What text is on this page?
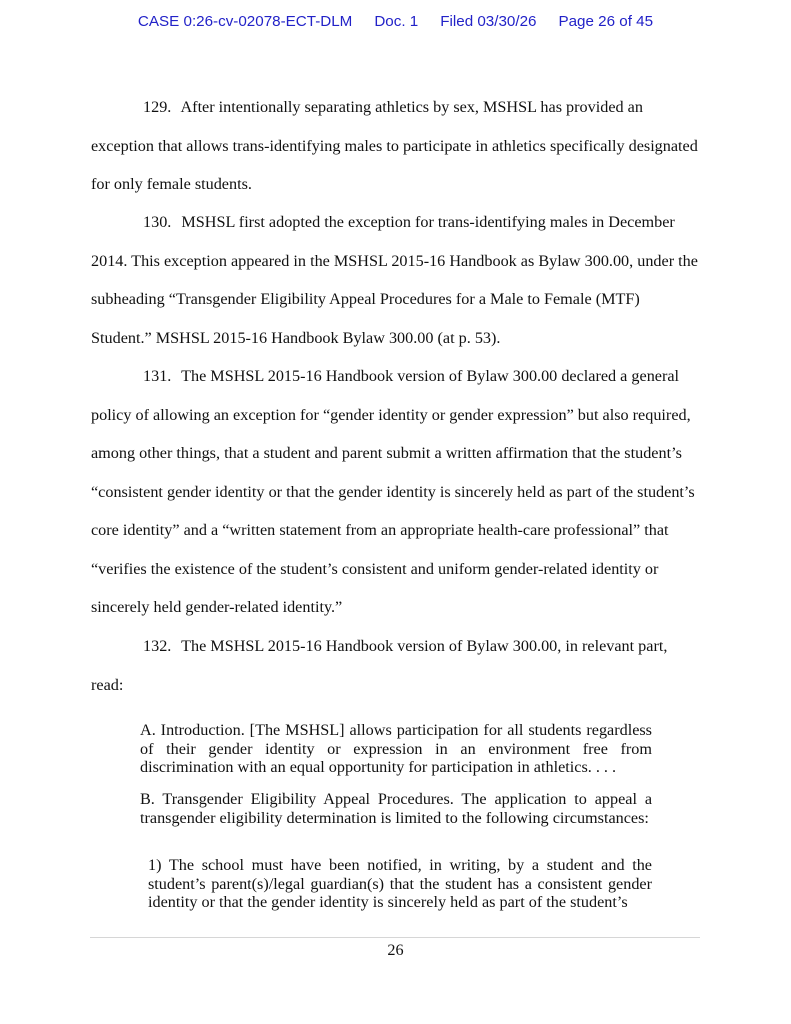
CASE 0:26-cv-02078-ECT-DLM Doc. 1 Filed 03/30/26 Page 26 of 45

129. After intentionally separating athletics by sex, MSHSL has provided an exception that allows trans-identifying males to participate in athletics specifically designated for only female students.

130. MSHSL first adopted the exception for trans-identifying males in December 2014. This exception appeared in the MSHSL 2015-16 Handbook as Bylaw 300.00, under the subheading “Transgender Eligibility Appeal Procedures for a Male to Female (MTF) Student.” MSHSL 2015-16 Handbook Bylaw 300.00 (at p. 53).

131. The MSHSL 2015-16 Handbook version of Bylaw 300.00 declared a general policy of allowing an exception for “gender identity or gender expression” but also required, among other things, that a student and parent submit a written affirmation that the student’s “consistent gender identity or that the gender identity is sincerely held as part of the student’s core identity” and a “written statement from an appropriate health-care professional” that “verifies the existence of the student’s consistent and uniform gender-related identity or sincerely held gender-related identity.”

132. The MSHSL 2015-16 Handbook version of Bylaw 300.00, in relevant part, read:

A. Introduction. [The MSHSL] allows participation for all students regardless of their gender identity or expression in an environment free from discrimination with an equal opportunity for participation in athletics. . . .

B. Transgender Eligibility Appeal Procedures. The application to appeal a transgender eligibility determination is limited to the following circumstances:

1) The school must have been notified, in writing, by a student and the student’s parent(s)/legal guardian(s) that the student has a consistent gender identity or that the gender identity is sincerely held as part of the student’s

26
